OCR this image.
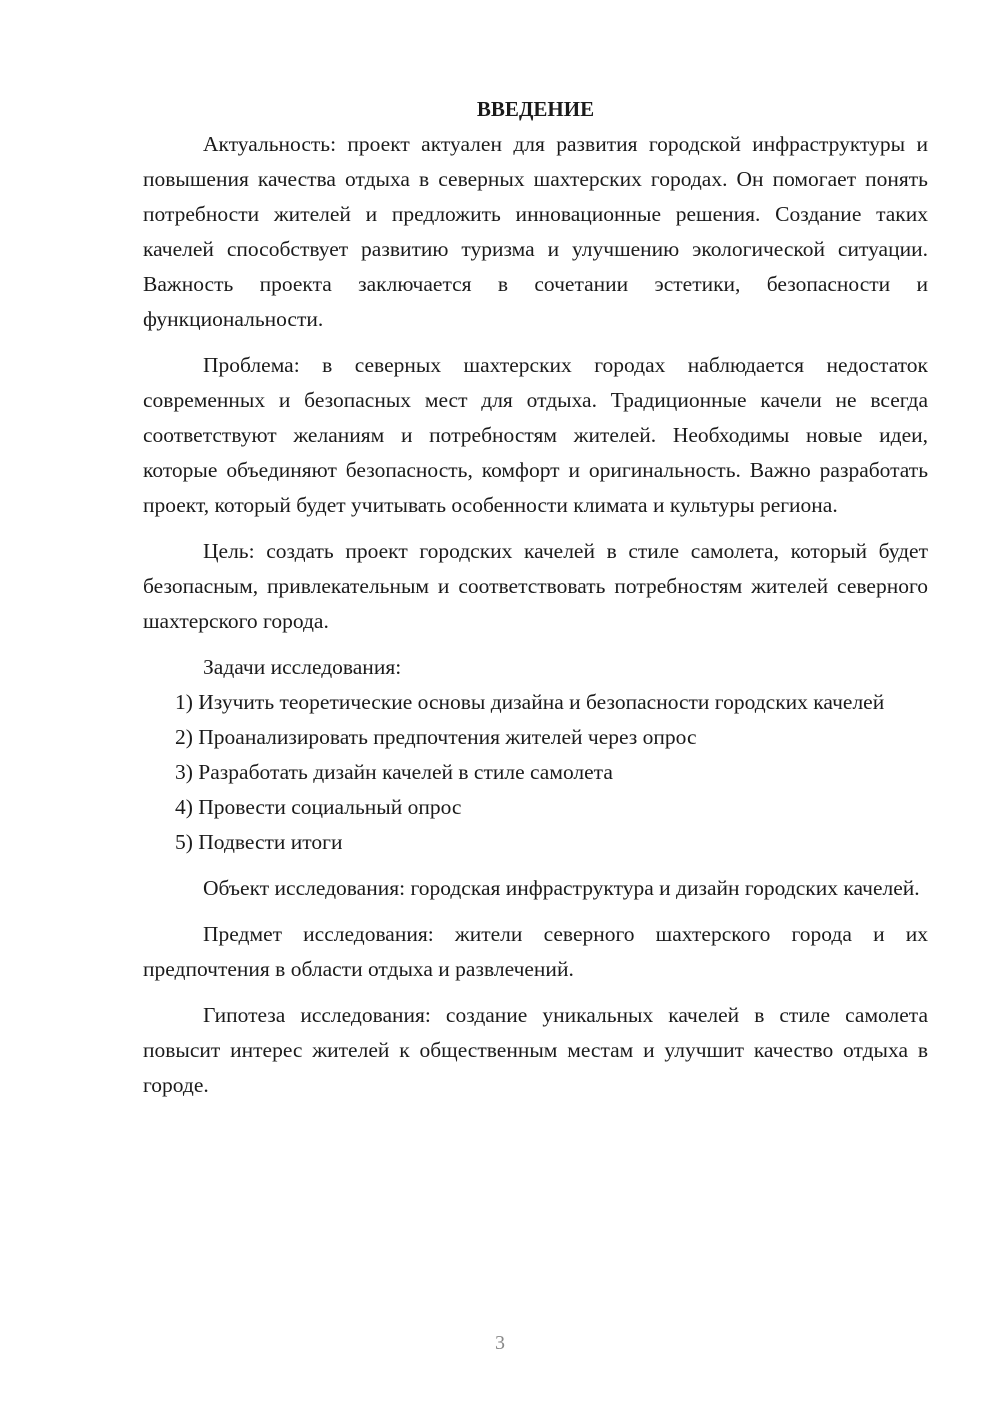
ВВЕДЕНИЕ

Актуальность: проект актуален для развития городской инфраструктуры и повышения качества отдыха в северных шахтерских городах. Он помогает понять потребности жителей и предложить инновационные решения. Создание таких качелей способствует развитию туризма и улучшению экологической ситуации. Важность проекта заключается в сочетании эстетики, безопасности и функциональности.

Проблема: в северных шахтерских городах наблюдается недостаток современных и безопасных мест для отдыха. Традиционные качели не всегда соответствуют желаниям и потребностям жителей. Необходимы новые идеи, которые объединяют безопасность, комфорт и оригинальность. Важно разработать проект, который будет учитывать особенности климата и культуры региона.

Цель: создать проект городских качелей в стиле самолета, который будет безопасным, привлекательным и соответствовать потребностям жителей северного шахтерского города.

Задачи исследования:

1) Изучить теоретические основы дизайна и безопасности городских качелей

2) Проанализировать предпочтения жителей через опрос

3) Разработать дизайн качелей в стиле самолета

4) Провести социальный опрос

5) Подвести итоги

Объект исследования: городская инфраструктура и дизайн городских качелей.

Предмет исследования: жители северного шахтерского города и их предпочтения в области отдыха и развлечений.

Гипотеза исследования: создание уникальных качелей в стиле самолета повысит интерес жителей к общественным местам и улучшит качество отдыха в городе.

3
